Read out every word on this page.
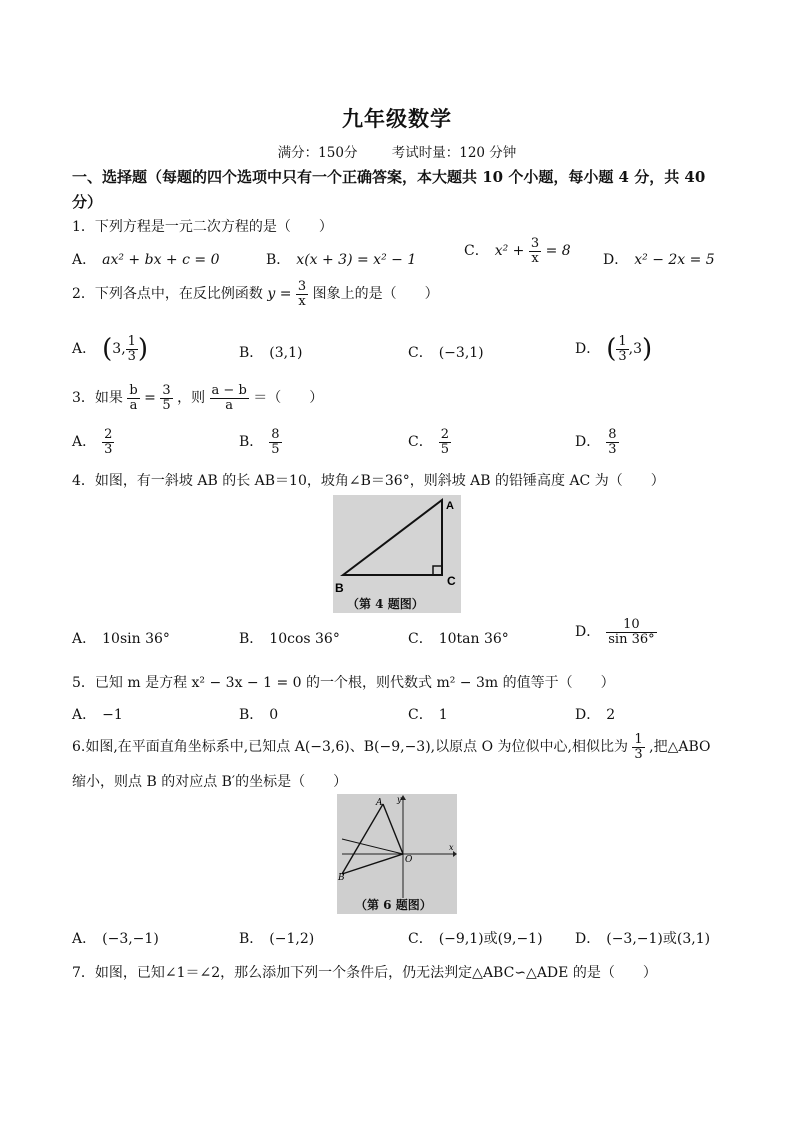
九年级数学
满分：150分	考试时量：120 分钟
一、选择题（每题的四个选项中只有一个正确答案，本大题共 10 个小题，每小题 4 分，共 40 分）
1．下列方程是一元二次方程的是（　　）
A． ax² + bx + c = 0	B． x(x + 3) = x² − 1
C． $x^2 + \frac{3}{x} = 8$
D． x² − 2x = 5
2．下列各点中，在反比例函数 $y = \frac{3}{x}$ 图象上的是（　　）
A． (3, $\frac{1}{3}$ )	B． (3,1)	C． (−3,1)	D． ( $\frac{1}{3} ,3$)
3．如果 $\frac{b}{a} = \frac{3}{5}$ ，则 $\frac{a - b}{a}$ ＝（　　）
A． $\frac{2}{3}$	B． $\frac{8}{5}$	C． $\frac{2}{5}$	D． $\frac{8}{3}$
4．如图，有一斜坡 AB 的长 AB＝10，坡角∠B＝36°，则斜坡 AB 的铅锤高度 AC 为（　　）
A
B	C
（第 4 题图）
A． 10sin 36°	B． 10cos 36°	C． 10tan 36°	D． $\frac{10}{\sin 36^\circ}$
5．已知 m 是方程 x² − 3x − 1 = 0 的一个根，则代数式 m² − 3m 的值等于（　　）
A． −1	B． 0	C． 1	D． 2
6.如图,在平面直角坐标系中,已知点 A(−3,6)、B(−9,−3),以原点 O 为位似中心,相似比为 $\frac{1}{3}$ ,把△ABO
缩小，则点 B 的对应点 B′的坐标是（　　）
A
B
O
y
x
（第 6 题图）
A． (−3,−1)	B． (−1,2)	C． (−9,1)或(9,−1) D． (−3,−1)或(3,1)
7．如图，已知∠1＝∠2，那么添加下列一个条件后，仍无法判定△ABC∽△ADE 的是（　　）
